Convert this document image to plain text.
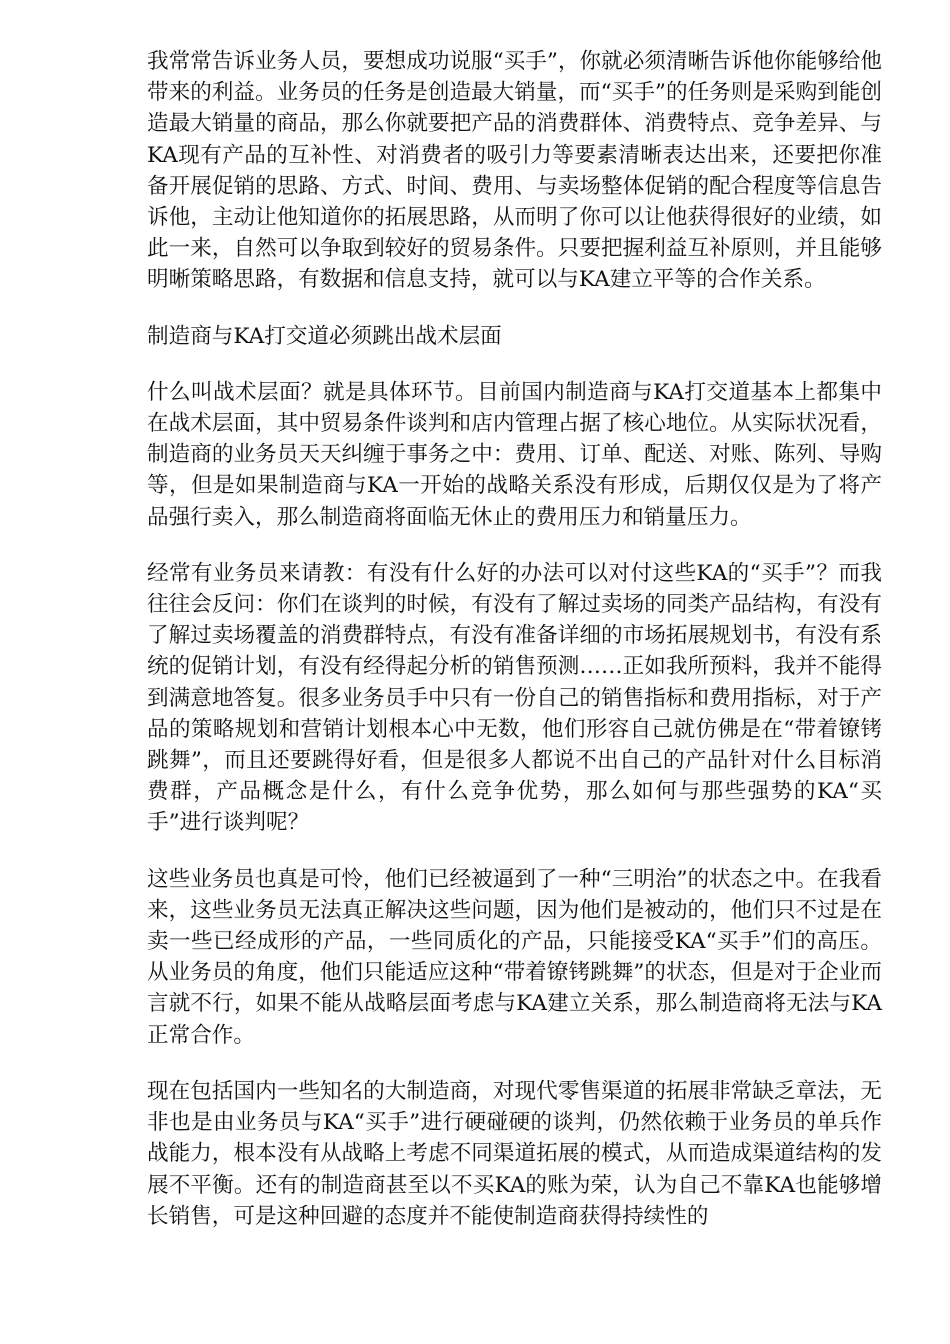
我常常告诉业务人员，要想成功说服“买手”，你就必须清晰告诉他你能够给他带来的利益。业务员的任务是创造最大销量，而“买手”的任务则是采购到能创造最大销量的商品，那么你就要把产品的消费群体、消费特点、竞争差异、与KA现有产品的互补性、对消费者的吸引力等要素清晰表达出来，还要把你准备开展促销的思路、方式、时间、费用、与卖场整体促销的配合程度等信息告诉他，主动让他知道你的拓展思路，从而明了你可以让他获得很好的业绩，如此一来，自然可以争取到较好的贸易条件。只要把握利益互补原则，并且能够明晰策略思路，有数据和信息支持，就可以与KA建立平等的合作关系。

制造商与KA打交道必须跳出战术层面

什么叫战术层面？就是具体环节。目前国内制造商与KA打交道基本上都集中在战术层面，其中贸易条件谈判和店内管理占据了核心地位。从实际状况看，制造商的业务员天天纠缠于事务之中：费用、订单、配送、对账、陈列、导购等，但是如果制造商与KA一开始的战略关系没有形成，后期仅仅是为了将产品强行卖入，那么制造商将面临无休止的费用压力和销量压力。

经常有业务员来请教：有没有什么好的办法可以对付这些KA的“买手”？而我往往会反问：你们在谈判的时候，有没有了解过卖场的同类产品结构，有没有了解过卖场覆盖的消费群特点，有没有准备详细的市场拓展规划书，有没有系统的促销计划，有没有经得起分析的销售预测……正如我所预料，我并不能得到满意地答复。很多业务员手中只有一份自己的销售指标和费用指标，对于产品的策略规划和营销计划根本心中无数，他们形容自己就仿佛是在“带着镣铐跳舞”，而且还要跳得好看，但是很多人都说不出自己的产品针对什么目标消费群，产品概念是什么，有什么竞争优势，那么如何与那些强势的KA“买手”进行谈判呢？

这些业务员也真是可怜，他们已经被逼到了一种“三明治”的状态之中。在我看来，这些业务员无法真正解决这些问题，因为他们是被动的，他们只不过是在卖一些已经成形的产品，一些同质化的产品，只能接受KA“买手”们的高压。从业务员的角度，他们只能适应这种“带着镣铐跳舞”的状态，但是对于企业而言就不行，如果不能从战略层面考虑与KA建立关系，那么制造商将无法与KA正常合作。

现在包括国内一些知名的大制造商，对现代零售渠道的拓展非常缺乏章法，无非也是由业务员与KA“买手”进行硬碰硬的谈判，仍然依赖于业务员的单兵作战能力，根本没有从战略上考虑不同渠道拓展的模式，从而造成渠道结构的发展不平衡。还有的制造商甚至以不买KA的账为荣，认为自己不靠KA也能够增长销售，可是这种回避的态度并不能使制造商获得持续性的
